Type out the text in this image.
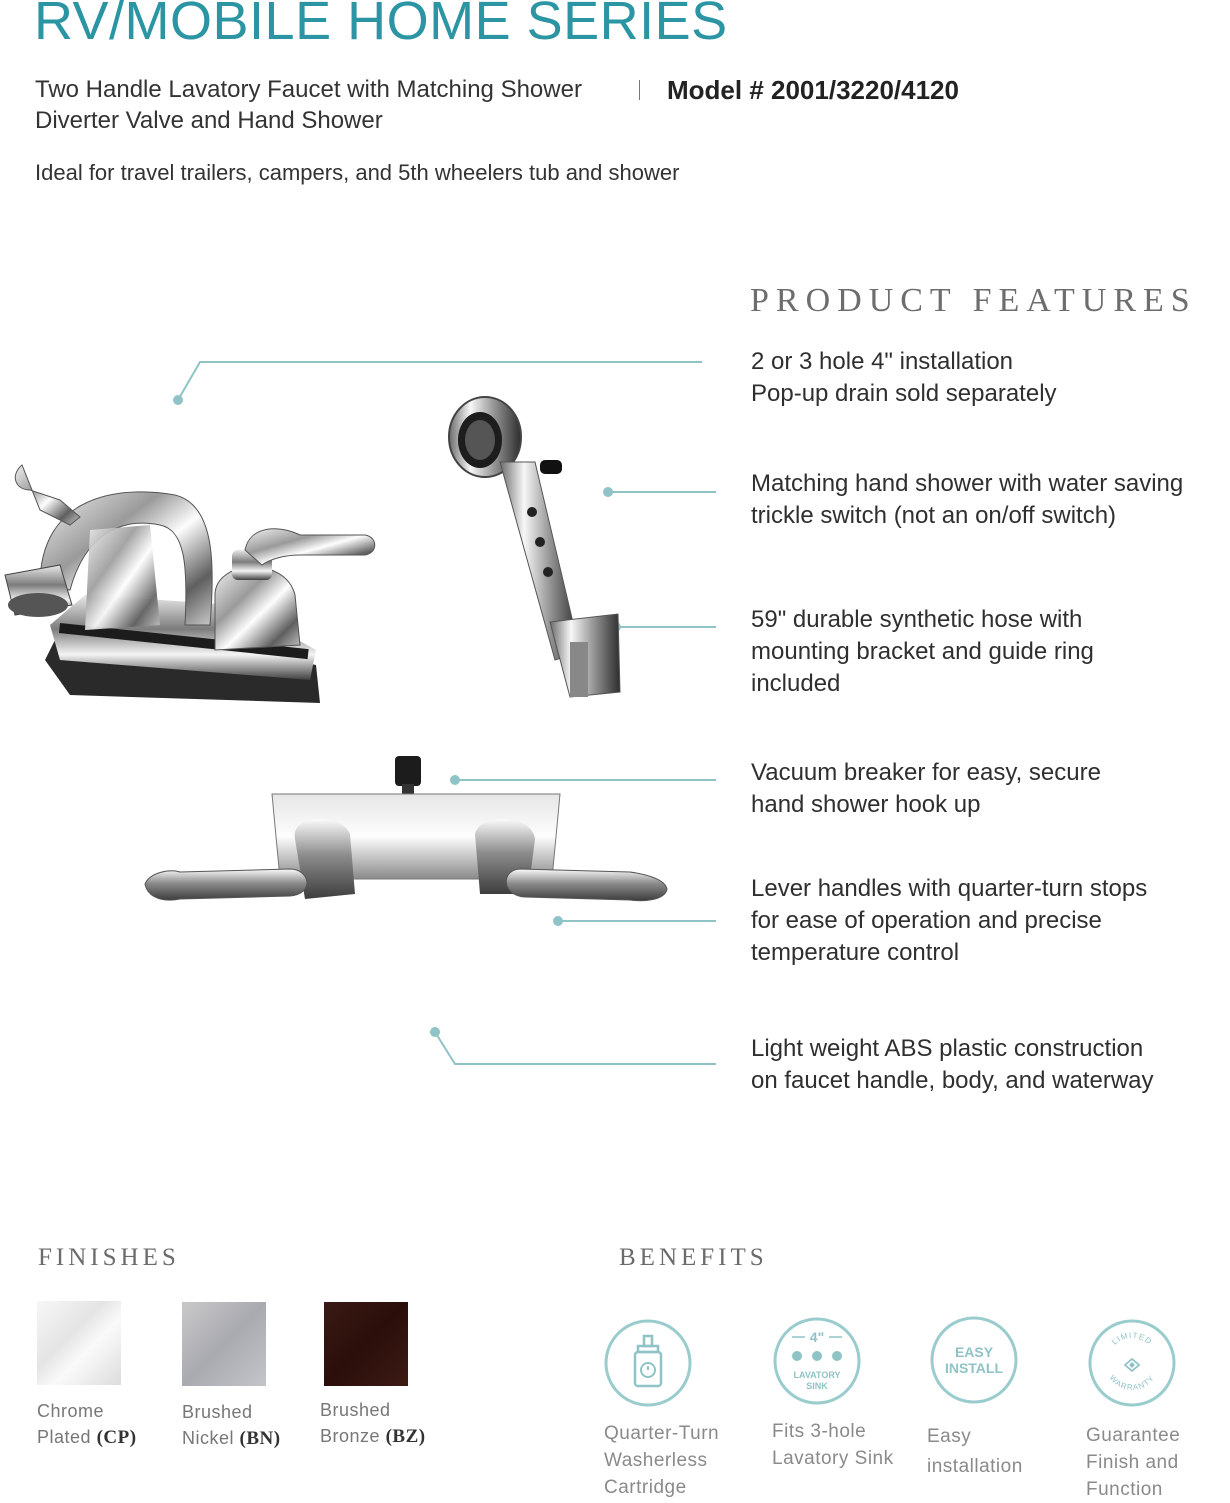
RV/MOBILE HOME SERIES
Two Handle Lavatory Faucet with Matching Shower	Model # 2001/3220/4120
Diverter Valve and Hand Shower
Ideal for travel trailers, campers, and 5th wheelers tub and shower
PRODUCT FEATURES
2 or 3 hole 4" installation
Pop-up drain sold separately
Matching hand shower with water saving
trickle switch (not an on/off switch)
59" durable synthetic hose with
mounting bracket and guide ring
included
Vacuum breaker for easy, secure
hand shower hook up
Lever handles with quarter-turn stops
for ease of operation and precise
temperature control
Light weight ABS plastic construction
on faucet handle, body, and waterway
FINISHES
Chrome
Plated (CP)
Brushed
Nickel (BN)
Brushed
Bronze (BZ)
BENEFITS
Quarter-Turn
Washerless
Cartridge
4"
LAVATORY
SINK
Fits 3-hole
Lavatory Sink
EASY
INSTALL
Easy
installation
LIMITED
WARRANTY
Guarantee
Finish and
Function
